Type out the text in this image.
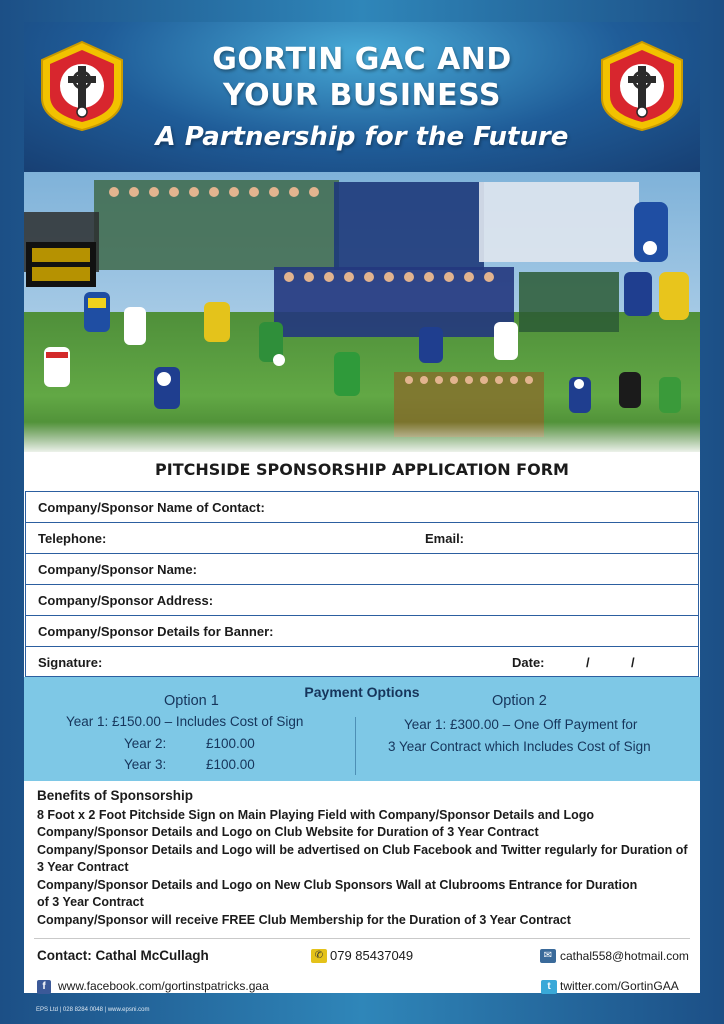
GORTIN GAC AND
YOUR BUSINESS
A Partnership for the Future
PITCHSIDE SPONSORSHIP APPLICATION FORM
Company/Sponsor Name of Contact:
Telephone:	Email:
Company/Sponsor Name:
Company/Sponsor Address:
Company/Sponsor Details for Banner:
Signature:	Date:	/	/
Payment Options
Option 1
Year 1: £150.00 – Includes Cost of Sign
Year 2:	£100.00
Year 3:	£100.00
Option 2
Year 1: £300.00 – One Off Payment for
3 Year Contract which Includes Cost of Sign
Benefits of Sponsorship
8 Foot x 2 Foot Pitchside Sign on Main Playing Field with Company/Sponsor Details and Logo
Company/Sponsor Details and Logo on Club Website for Duration of 3 Year Contract
Company/Sponsor Details and Logo will be advertised on Club Facebook and Twitter regularly for Duration of
3 Year Contract
Company/Sponsor Details and Logo on New Club Sponsors Wall at Clubrooms Entrance for Duration
of 3 Year Contract
Company/Sponsor will receive FREE Club Membership for the Duration of 3 Year Contract
Contact: Cathal McCullagh	✆ 079 85437049	✉ cathal558@hotmail.com
f	www.facebook.com/gortinstpatricks.gaa	t twitter.com/GortinGAA
EPS Ltd | 028 8284 0048 | www.epsni.com
